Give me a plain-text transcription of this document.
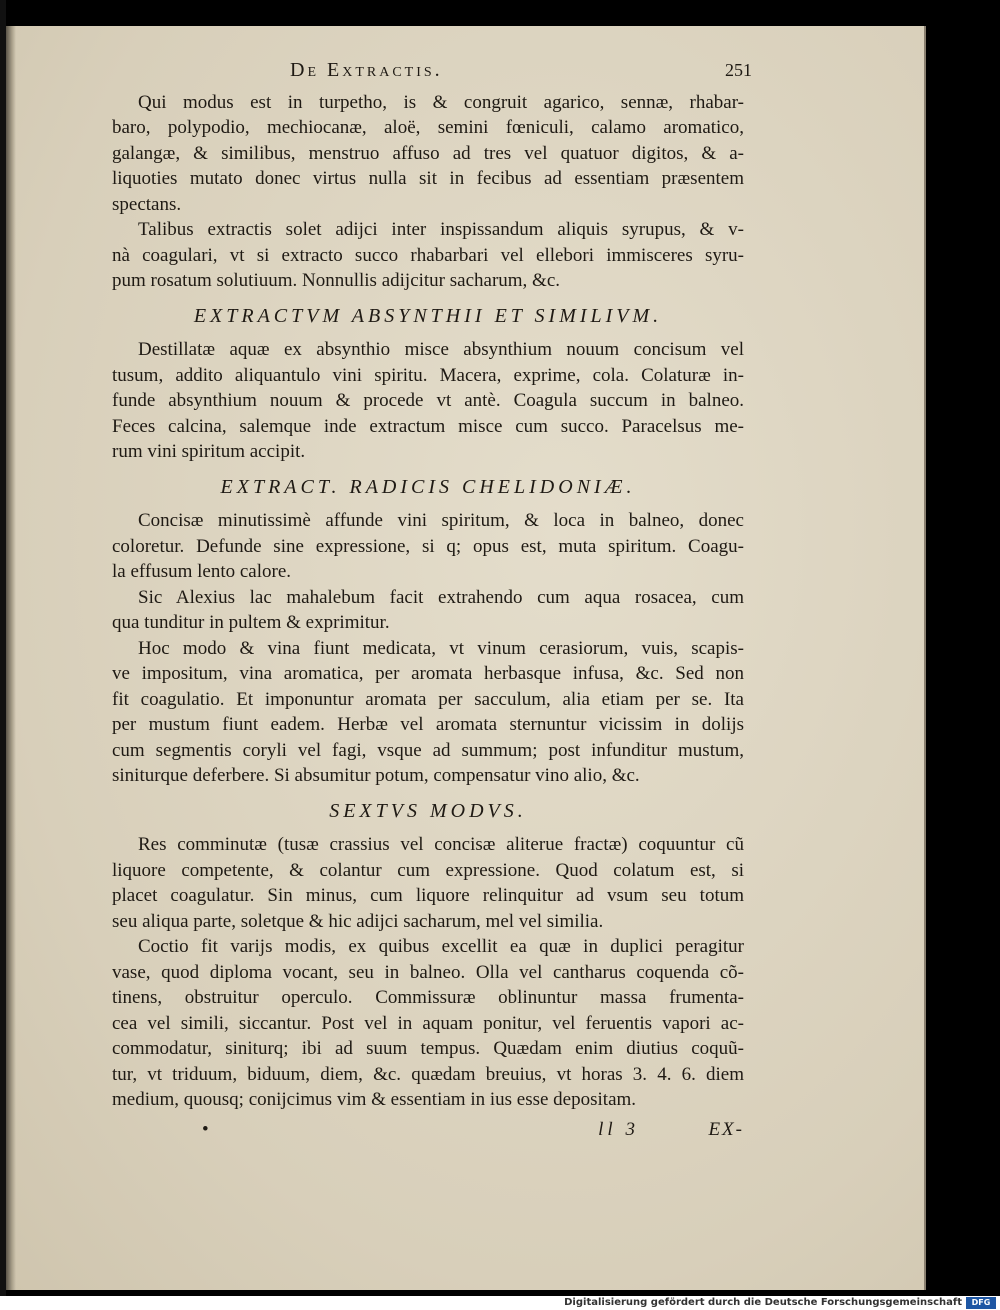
De Extractis.	251
Qui modus est in turpetho, is & congruit agarico, sennæ, rhabar-
baro, polypodio, mechiocanæ, aloë, semini fœniculi, calamo aromatico,
galangæ, & similibus, menstruo affuso ad tres vel quatuor digitos, & a-
liquoties mutato donec virtus nulla sit in fecibus ad essentiam præsentem
spectans.
Talibus extractis solet adijci inter inspissandum aliquis syrupus, & v-
nà coagulari, vt si extracto succo rhabarbari vel ellebori immisceres syru-
pum rosatum solutiuum. Nonnullis adijcitur sacharum, &c.
EXTRACTVM ABSYNTHII ET SIMILIVM.
Destillatæ aquæ ex absynthio misce absynthium nouum concisum vel
tusum, addito aliquantulo vini spiritu. Macera, exprime, cola. Colaturæ in-
funde absynthium nouum & procede vt antè. Coagula succum in balneo.
Feces calcina, salemque inde extractum misce cum succo. Paracelsus me-
rum vini spiritum accipit.
EXTRACT. RADICIS CHELIDONIÆ.
Concisæ minutissimè affunde vini spiritum, & loca in balneo, donec
coloretur. Defunde sine expressione, si q; opus est, muta spiritum. Coagu-
la effusum lento calore.
Sic Alexius lac mahalebum facit extrahendo cum aqua rosacea, cum
qua tunditur in pultem & exprimitur.
Hoc modo & vina fiunt medicata, vt vinum cerasiorum, vuis, scapis-
ve impositum, vina aromatica, per aromata herbasque infusa, &c. Sed non
fit coagulatio. Et imponuntur aromata per sacculum, alia etiam per se. Ita
per mustum fiunt eadem. Herbæ vel aromata sternuntur vicissim in dolijs
cum segmentis coryli vel fagi, vsque ad summum; post infunditur mustum,
siniturque deferbere. Si absumitur potum, compensatur vino alio, &c.
SEXTVS MODVS.
Res comminutæ (tusæ crassius vel concisæ aliterue fractæ) coquuntur cũ
liquore competente, & colantur cum expressione. Quod colatum est, si
placet coagulatur. Sin minus, cum liquore relinquitur ad vsum seu totum
seu aliqua parte, soletque & hic adijci sacharum, mel vel similia.
Coctio fit varijs modis, ex quibus excellit ea quæ in duplici peragitur
vase, quod diploma vocant, seu in balneo. Olla vel cantharus coquenda cõ-
tinens, obstruitur operculo. Commissuræ oblinuntur massa frumenta-
cea vel simili, siccantur. Post vel in aquam ponitur, vel feruentis vapori ac-
commodatur, siniturq; ibi ad suum tempus. Quædam enim diutius coquũ-
tur, vt triduum, biduum, diem, &c. quædam breuius, vt horas 3. 4. 6. diem
medium, quousq; conijcimus vim & essentiam in ius esse depositam.
•	ll 3	EX-
Digitalisierung gefördert durch die Deutsche Forschungsgemeinschaft	DFG
